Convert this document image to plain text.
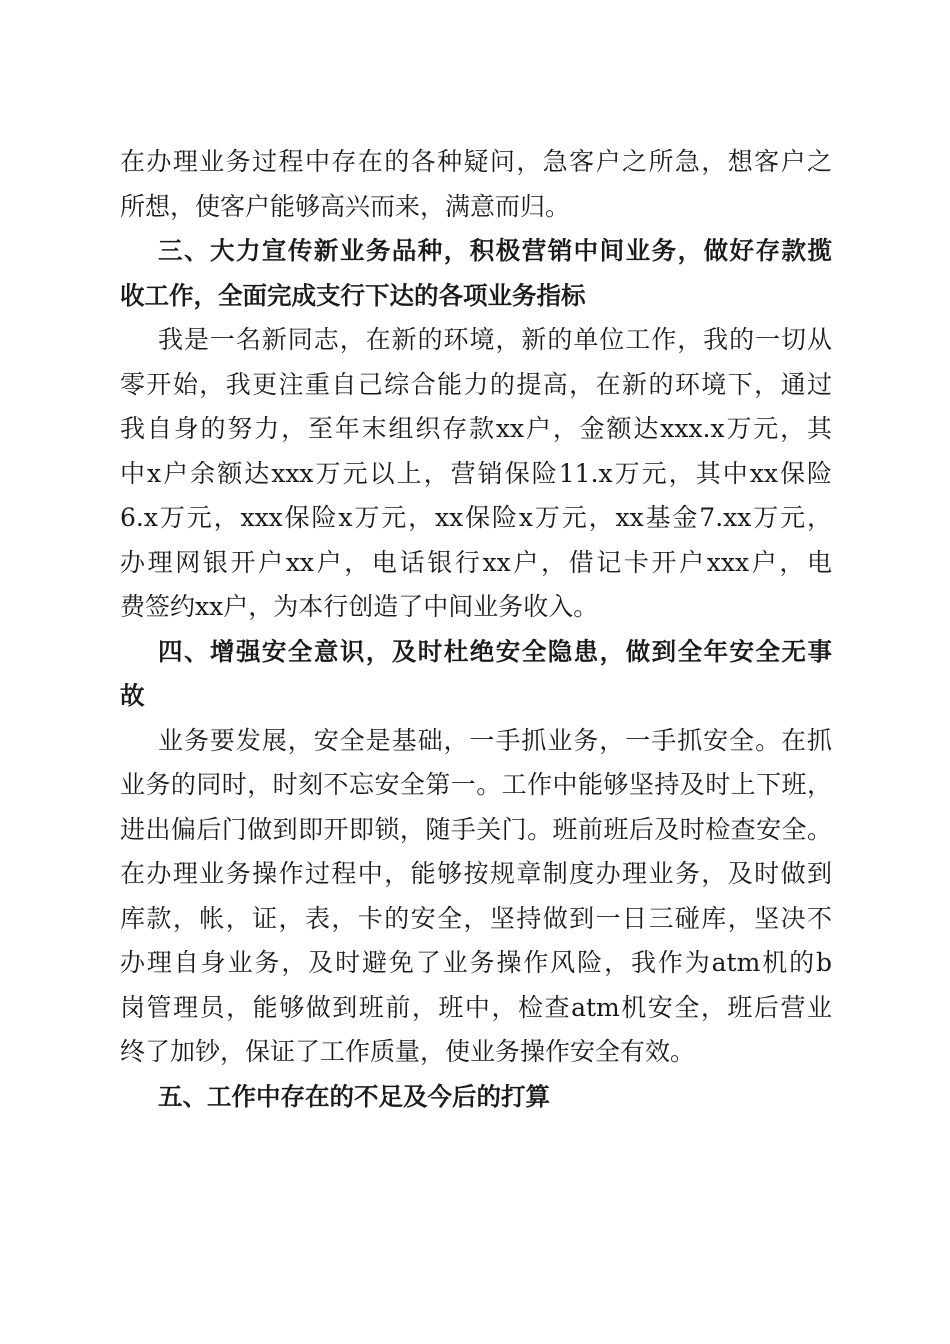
在办理业务过程中存在的各种疑问，急客户之所急，想客户之
所想，使客户能够高兴而来，满意而归。
三、大力宣传新业务品种，积极营销中间业务，做好存款揽
收工作，全面完成支行下达的各项业务指标
我是一名新同志，在新的环境，新的单位工作，我的一切从
零开始，我更注重自己综合能力的提高，在新的环境下，通过
我自身的努力，至年末组织存款xx户，金额达xxx.x万元，其
中x户余额达xxx万元以上，营销保险11.x万元，其中xx保险
6.x万元，xxx保险x万元，xx保险x万元，xx基金7.xx万元，
办理网银开户xx户，电话银行xx户，借记卡开户xxx户，电
费签约xx户，为本行创造了中间业务收入。
四、增强安全意识，及时杜绝安全隐患，做到全年安全无事
故
业务要发展，安全是基础，一手抓业务，一手抓安全。在抓
业务的同时，时刻不忘安全第一。工作中能够坚持及时上下班，
进出偏后门做到即开即锁，随手关门。班前班后及时检查安全。
在办理业务操作过程中，能够按规章制度办理业务，及时做到
库款，帐，证，表，卡的安全，坚持做到一日三碰库，坚决不
办理自身业务，及时避免了业务操作风险，我作为atm机的b
岗管理员，能够做到班前，班中，检查atm机安全，班后营业
终了加钞，保证了工作质量，使业务操作安全有效。
五、工作中存在的不足及今后的打算
